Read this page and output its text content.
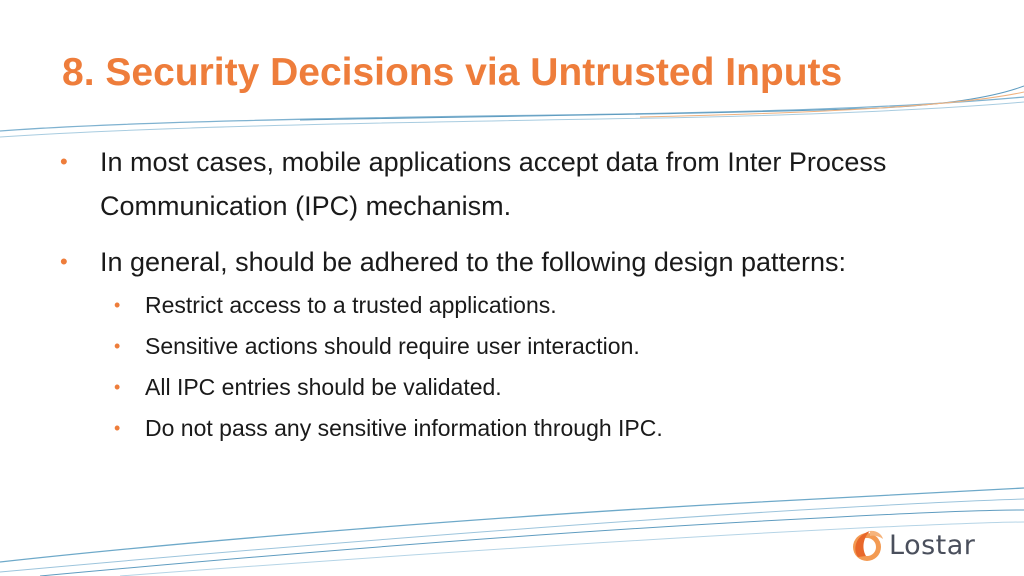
8. Security Decisions via Untrusted Inputs
• In most cases, mobile applications accept data from Inter Process Communication (IPC) mechanism.
• In general, should be adhered to the following design patterns:
• Restrict access to a trusted applications.
• Sensitive actions should require user interaction.
• All IPC entries should be validated.
• Do not pass any sensitive information through IPC.
Lostar
